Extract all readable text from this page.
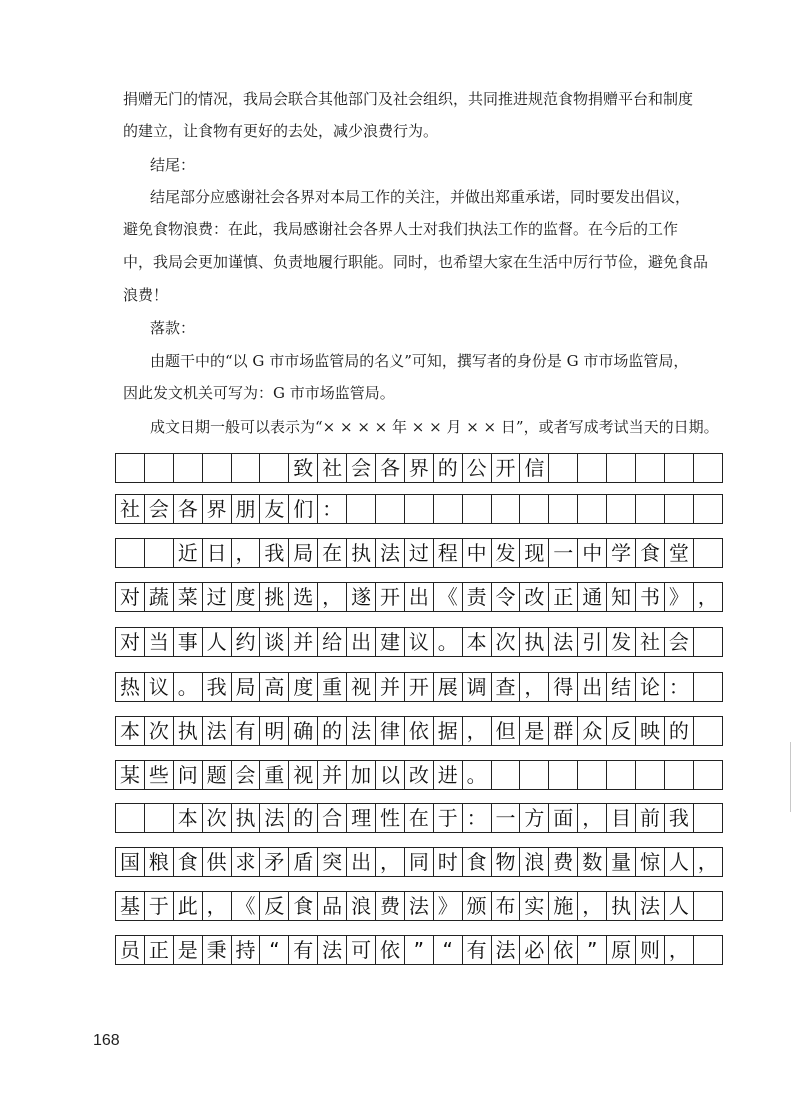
捐赠无门的情况，我局会联合其他部门及社会组织，共同推进规范食物捐赠平台和制度
的建立，让食物有更好的去处，减少浪费行为。
结尾：
结尾部分应感谢社会各界对本局工作的关注，并做出郑重承诺，同时要发出倡议，
避免食物浪费：在此，我局感谢社会各界人士对我们执法工作的监督。在今后的工作
中，我局会更加谨慎、负责地履行职能。同时，也希望大家在生活中厉行节俭，避免食品
浪费！
落款：
由题干中的“以 G 市市场监管局的名义”可知，撰写者的身份是 G 市市场监管局，
因此发文机关可写为：G 市市场监管局。
成文日期一般可以表示为“× × × × 年 × × 月 × × 日”，或者写成考试当天的日期。
致 社 会 各 界 的 公 开 信
社 会 各 界 朋 友 们 ：
近 日 ， 我 局 在 执 法 过 程 中 发 现 一 中 学 食 堂
对 蔬 菜 过 度 挑 选 ， 遂 开 出 《 责 令 改 正 通 知 书 》 ，
对 当 事 人 约 谈 并 给 出 建 议 。 本 次 执 法 引 发 社 会
热 议 。 我 局 高 度 重 视 并 开 展 调 查 ， 得 出 结 论 ：
本 次 执 法 有 明 确 的 法 律 依 据 ， 但 是 群 众 反 映 的
某 些 问 题 会 重 视 并 加 以 改 进 。
本 次 执 法 的 合 理 性 在 于 ： 一 方 面 ， 目 前 我
国 粮 食 供 求 矛 盾 突 出 ， 同 时 食 物 浪 费 数 量 惊 人 ，
基 于 此 ， 《 反 食 品 浪 费 法 》 颁 布 实 施 ， 执 法 人
员 正 是 秉 持 “ 有 法 可 依 ” “ 有 法 必 依 ” 原 则 ，
168
